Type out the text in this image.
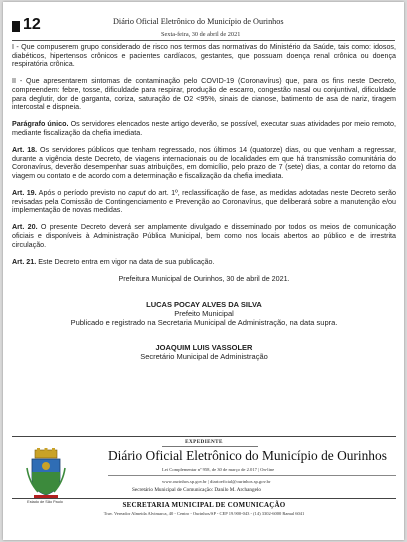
12	Diário Oficial Eletrônico do Município de Ourinhos
Sexta-feira, 30 de abril de 2021

I - Que compuserem grupo considerado de risco nos termos das normativas do Ministério da Saúde, tais como: idosos, diabéticos, hipertensos crônicos e pacientes cardíacos, gestantes, que possuam doença renal crônica ou doença respiratória crônica.

II - Que apresentarem sintomas de contaminação pelo COVID-19 (Coronavírus) que, para os fins neste Decreto, compreendem: febre, tosse, dificuldade para respirar, produção de escarro, congestão nasal ou conjuntival, dificuldade para deglutir, dor de garganta, coriza, saturação de O2 <95%, sinais de cianose, batimento de asa de nariz, tiragem intercostal e dispneia.

Parágrafo único. Os servidores elencados neste artigo deverão, se possível, executar suas atividades por meio remoto, mediante fiscalização da chefia imediata.

Art. 18. Os servidores públicos que tenham regressado, nos últimos 14 (quatorze) dias, ou que venham a regressar, durante a vigência deste Decreto, de viagens internacionais ou de localidades em que há transmissão comunitária do Coronavírus, deverão desempenhar suas atribuições, em domicílio, pelo prazo de 7 (sete) dias, a contar do retorno da viagem ou contato e de acordo com a determinação e fiscalização da chefia imediata.

Art. 19. Após o período previsto no caput do art. 1º, reclassificação de fase, as medidas adotadas neste Decreto serão revisadas pela Comissão de Contingenciamento e Prevenção ao Coronavírus, que deliberará sobre a manutenção e/ou implementação de novas medidas.

Art. 20. O presente Decreto deverá ser amplamente divulgado e disseminado por todos os meios de comunicação oficiais e disponíveis à Administração Pública Municipal, bem como nos locais abertos ao público e de irrestrita circulação.

Art. 21. Este Decreto entra em vigor na data de sua publicação.

Prefeitura Municipal de Ourinhos, 30 de abril de 2021.

LUCAS POCAY ALVES DA SILVA

Prefeito Municipal

Publicado e registrado na Secretaria Municipal de Administração, na data supra.

JOAQUIM LUIS VASSOLER

Secretário Municipal de Administração

EXPEDIENTE
Estado de São Paulo
Diário Oficial Eletrônico do Município de Ourinhos
Lei Complementar nº 958, de 30 de março de 2.017 | On-line
www.ourinhos.sp.gov.br | diarioeficial@ourinhos.sp.gov.br
Secretário Municipal de Comunicação: Danilo M. Archangelo
SECRETARIA MUNICIPAL DE COMUNICAÇÃO
Trav. Vereador Almeida Alvimarca, 40 - Centro - Ourinhos/SP - CEP 19.900-043 - (14) 3302-6000 Ramal 6041
